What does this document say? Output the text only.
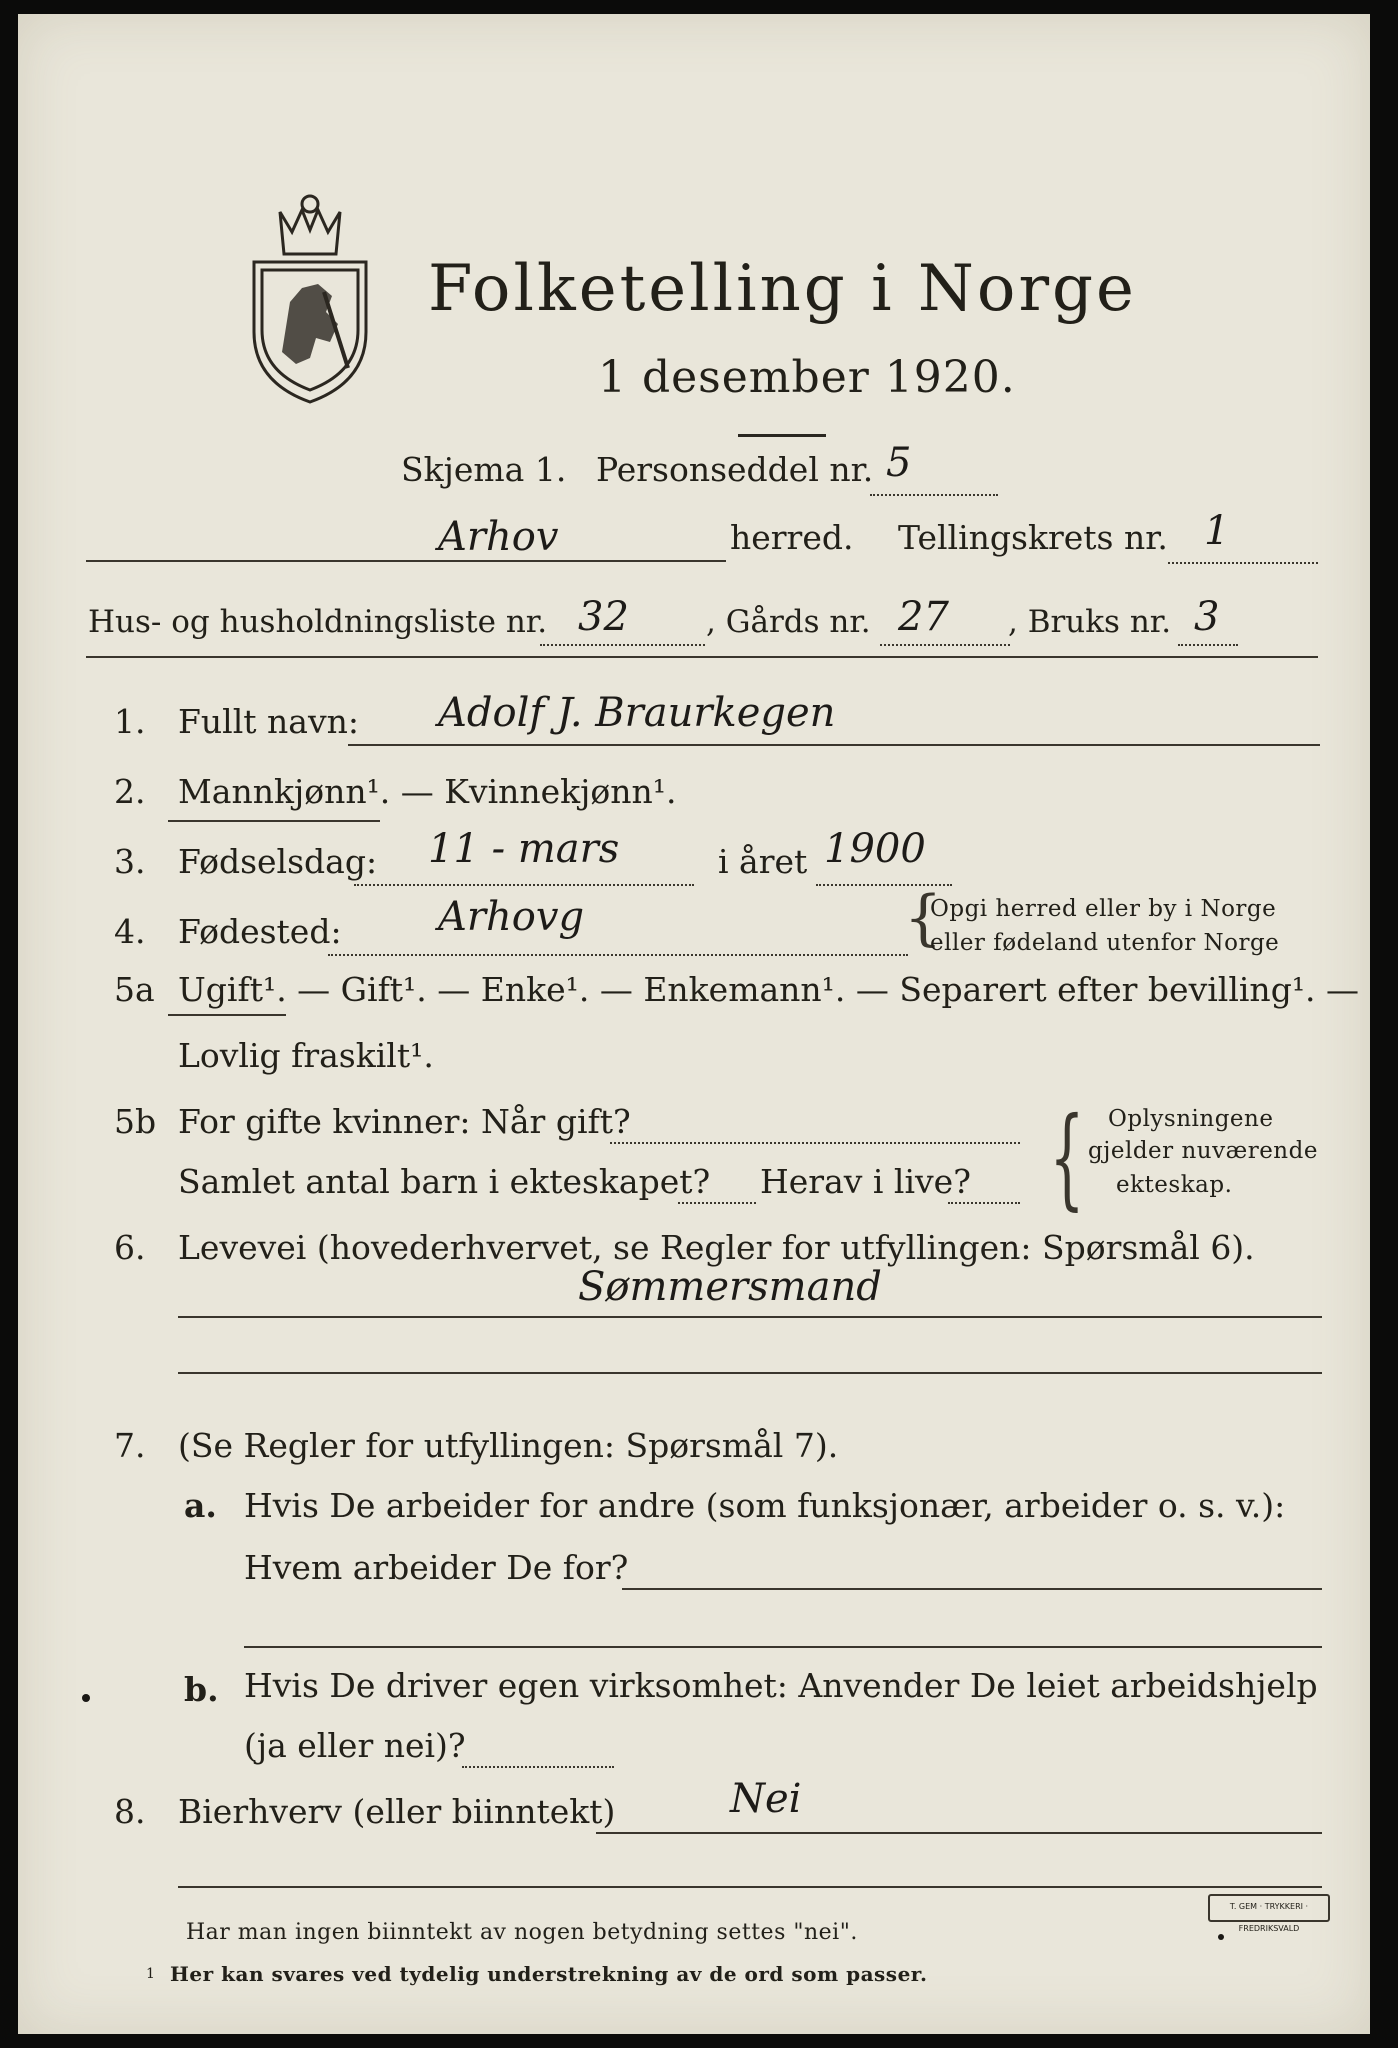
Folketelling i Norge
1 desember 1920.
Skjema 1. Personseddel nr. 5
Arhov	herred. Tellingskrets nr. 1
Hus- og husholdningsliste nr. 32 , Gårds nr. 27 , Bruks nr. 3
1. Fullt navn: Adolf J. Braurkegen
2. Mannkjønn¹. — Kvinnekjønn¹.
3. Fødselsdag: 11 - mars	i året 1900
4. Fødested: Arhovg	{
Opgi herred eller by i Norge
eller fødeland utenfor Norge
5a Ugift¹. — Gift¹. — Enke¹. — Enkemann¹. — Separert efter bevilling¹. —
Lovlig fraskilt¹.
5b For gifte kvinner: Når gift?
Samlet antal barn i ekteskapet? Herav i live? { Oplysningene
gjelder nuværende
ekteskap.
6. Levevei (hovederhvervet, se Regler for utfyllingen: Spørsmål 6).
Sømmersmand
7. (Se Regler for utfyllingen: Spørsmål 7).
a. Hvis De arbeider for andre (som funksjonær, arbeider o. s. v.):
Hvem arbeider De for?
b. Hvis De driver egen virksomhet: Anvender De leiet arbeidshjelp
(ja eller nei)?
8. Bierhverv (eller biinntekt)	Nei
Har man ingen biinntekt av nogen betydning settes "nei".
1 Her kan svares ved tydelig understrekning av de ord som passer.
T. GEM · TRYKKERI · FREDRIKSVALD
